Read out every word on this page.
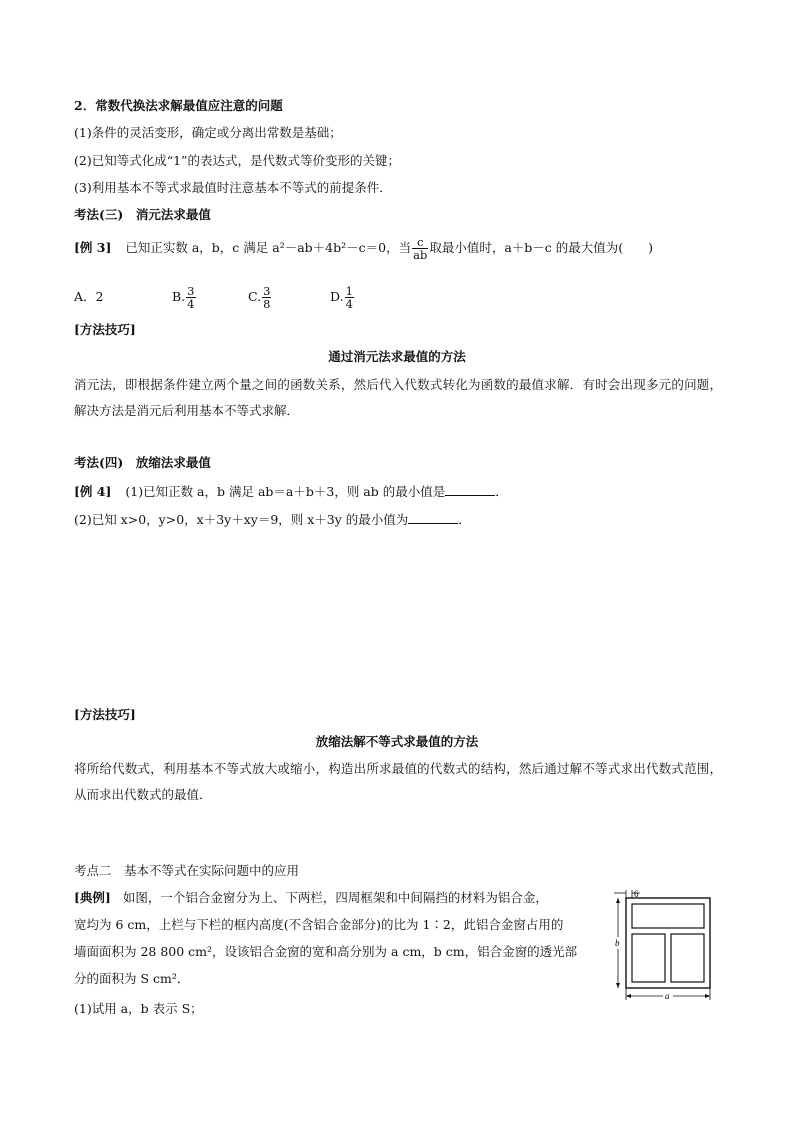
2．常数代换法求解最值应注意的问题
(1)条件的灵活变形，确定或分离出常数是基础；
(2)已知等式化成“1”的表达式，是代数式等价变形的关键；
(3)利用基本不等式求最值时注意基本不等式的前提条件．
考法(三)　消元法求最值
[例 3] 已知正实数 a，b，c 满足 a²－ab＋4b²－c＝0，当 $\frac{c}{ab}$ 取最小值时，a＋b－c 的最大值为(　　)
A．2	B. $\frac{3}{4}$	C. $\frac{3}{8}$	D. $\frac{1}{4}$
[方法技巧]
通过消元法求最值的方法
消元法，即根据条件建立两个量之间的函数关系，然后代入代数式转化为函数的最值求解．有时会出现多元的问题，解决方法是消元后利用基本不等式求解．
考法(四)　放缩法求最值
[例 4] (1)已知正数 a，b 满足 ab＝a＋b＋3，则 ab 的最小值是	．
(2)已知 x>0，y>0，x＋3y＋xy＝9，则 x＋3y 的最小值为	．
[方法技巧]
放缩法解不等式求最值的方法
将所给代数式，利用基本不等式放大或缩小，构造出所求最值的代数式的结构，然后通过解不等式求出代数式范围，从而求出代数式的最值．
考点二　基本不等式在实际问题中的应用
[典例] 如图，一个铝合金窗分为上、下两栏，四周框架和中间隔挡的材料为铝合金，
宽均为 6 cm，上栏与下栏的框内高度(不含铝合金部分)的比为 1∶2，此铝合金窗占用的
墙面面积为 28 800 cm²，设该铝合金窗的宽和高分别为 a cm，b cm，铝合金窗的透光部
分的面积为 S cm²．
(1)试用 a，b 表示 S；
6
b
a
